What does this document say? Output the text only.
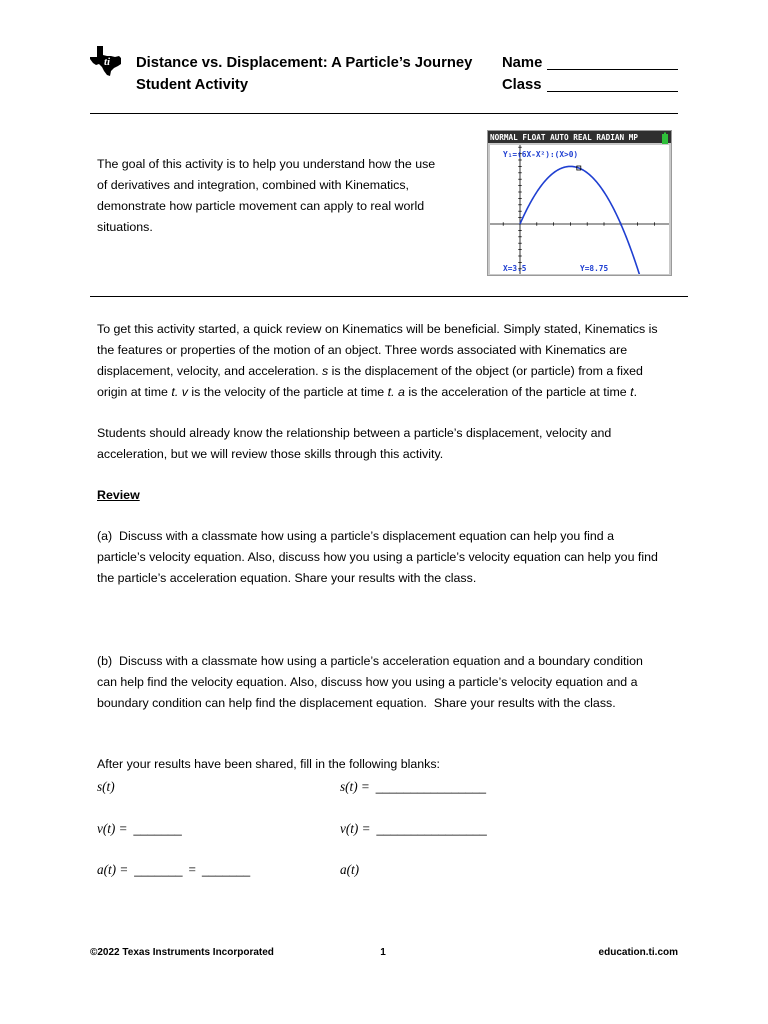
ti Distance vs. Displacement: A Particle’s Journey
Student Activity
Name
Class
The goal of this activity is to help you understand how the use
of derivatives and integration, combined with Kinematics,
demonstrate how particle movement can apply to real world
situations.
NORMAL FLOAT AUTO REAL RADIAN MP
Y₁=(6X-X²):(X>0)
X=3.5	Y=8.75
To get this activity started, a quick review on Kinematics will be beneficial. Simply stated, Kinematics is
the features or properties of the motion of an object. Three words associated with Kinematics are
displacement, velocity, and acceleration. s is the displacement of the object (or particle) from a fixed
origin at time t. v is the velocity of the particle at time t. a is the acceleration of the particle at time t.
Students should already know the relationship between a particle’s displacement, velocity and
acceleration, but we will review those skills through this activity.
Review
(a)  Discuss with a classmate how using a particle’s displacement equation can help you find a
particle’s velocity equation. Also, discuss how you using a particle’s velocity equation can help you find
the particle’s acceleration equation. Share your results with the class.
(b)  Discuss with a classmate how using a particle’s acceleration equation and a boundary condition
can help find the velocity equation. Also, discuss how you using a particle’s velocity equation and a
boundary condition can help find the displacement equation.  Share your results with the class.
After your results have been shared, fill in the following blanks:
s(t)	s(t) = ________________
v(t) = _______	v(t) = ________________
a(t) = _______ = _______	a(t)
©2022 Texas Instruments Incorporated	1	education.ti.com
